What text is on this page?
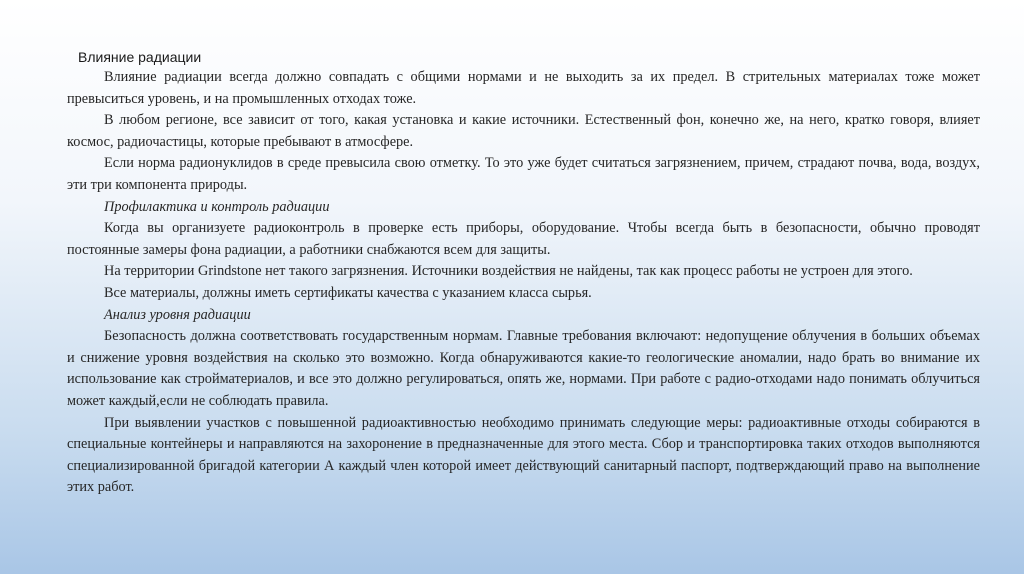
Влияние радиации

Влияние радиации всегда должно совпадать с общими нормами и не выходить за их предел. В стрительных материалах тоже может превыситься уровень, и на промышленных отходах тоже.

В любом регионе, все зависит от того, какая установка и какие источники. Естественный фон, конечно же, на него, кратко говоря, влияет космос, радиочастицы, которые пребывают в атмосфере.

Если норма радионуклидов в среде превысила свою отметку. То это уже будет считаться загрязнением, причем, страдают почва, вода, воздух, эти три компонента природы.

Профилактика и контроль радиации

Когда вы организуете радиоконтроль в проверке есть приборы, оборудование. Чтобы всегда быть в безопасности, обычно проводят постоянные замеры фона радиации, а работники снабжаются всем для защиты.

На территории Grindstone нет такого загрязнения. Источники воздействия не найдены, так как процесс работы не устроен для этого.

Все материалы, должны иметь сертификаты качества с указанием класса сырья.

Анализ уровня радиации

Безопасность должна соответствовать государственным нормам. Главные требования включают: недопущение облучения в больших объемах и снижение уровня воздействия на сколько это возможно. Когда обнаруживаются какие-то геологические аномалии, надо брать во внимание их использование как стройматериалов, и все это должно регулироваться, опять же, нормами. При работе с радио-отходами надо понимать облучиться может каждый,если не соблюдать правила.

При выявлении участков с повышенной радиоактивностью необходимо принимать следующие меры: радиоактивные отходы собираются в специальные контейнеры и направляются на захоронение в предназначенные для этого места. Сбор и транспортировка таких отходов выполняются специализированной бригадой категории А каждый член которой имеет действующий санитарный паспорт, подтверждающий право на выполнение этих работ.
